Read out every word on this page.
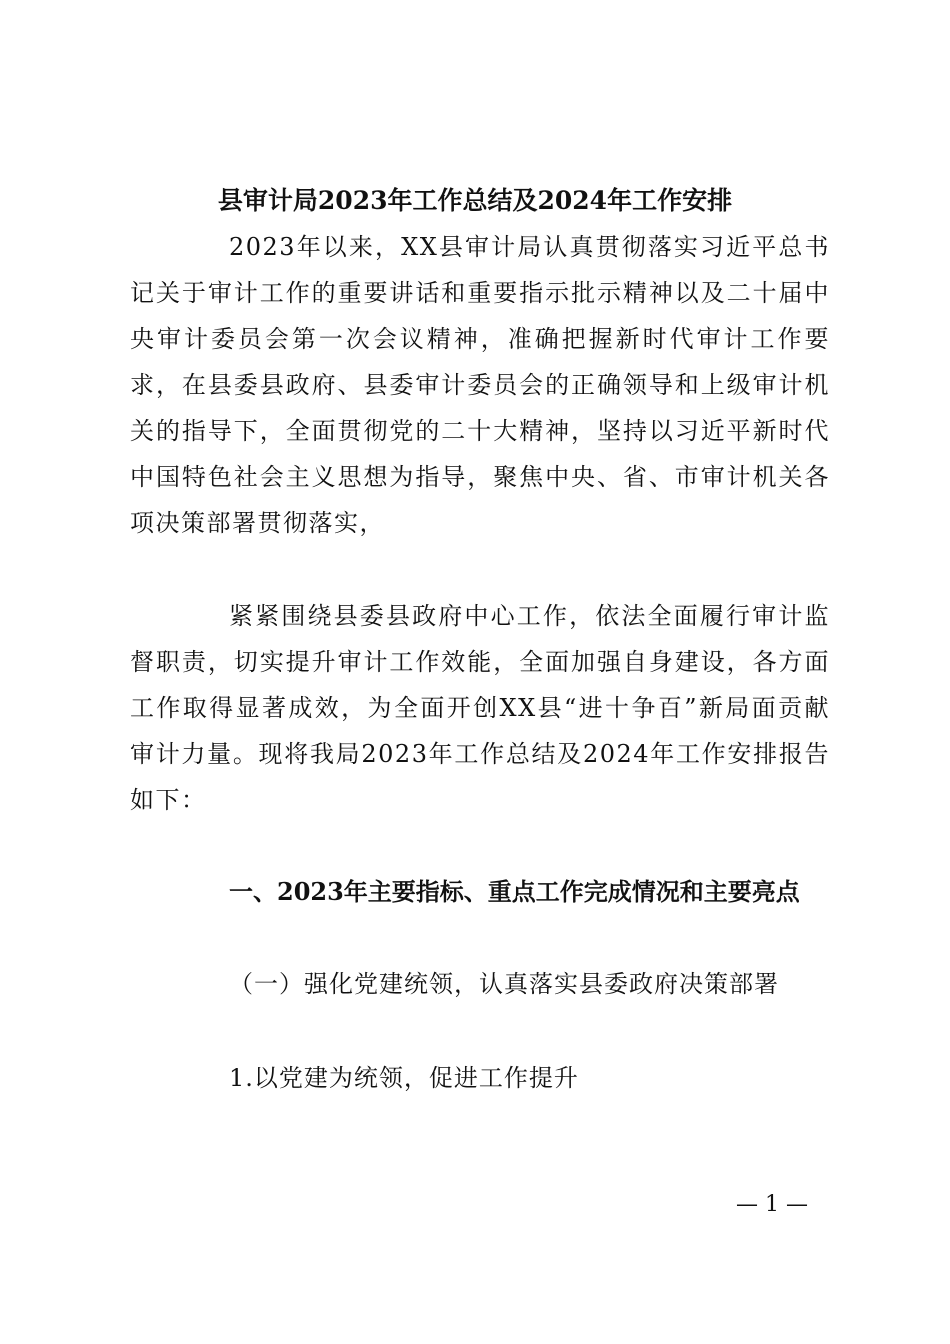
县审计局2023年工作总结及2024年工作安排

2023年以来，XX县审计局认真贯彻落实习近平总书记关于审计工作的重要讲话和重要指示批示精神以及二十届中央审计委员会第一次会议精神，准确把握新时代审计工作要求，在县委县政府、县委审计委员会的正确领导和上级审计机关的指导下，全面贯彻党的二十大精神，坚持以习近平新时代中国特色社会主义思想为指导，聚焦中央、省、市审计机关各项决策部署贯彻落实，

紧紧围绕县委县政府中心工作，依法全面履行审计监督职责，切实提升审计工作效能，全面加强自身建设，各方面工作取得显著成效，为全面开创XX县“进十争百”新局面贡献审计力量。现将我局2023年工作总结及2024年工作安排报告如下：

一、2023年主要指标、重点工作完成情况和主要亮点
（一）强化党建统领，认真落实县委政府决策部署
1.以党建为统领，促进工作提升
— 1 —
